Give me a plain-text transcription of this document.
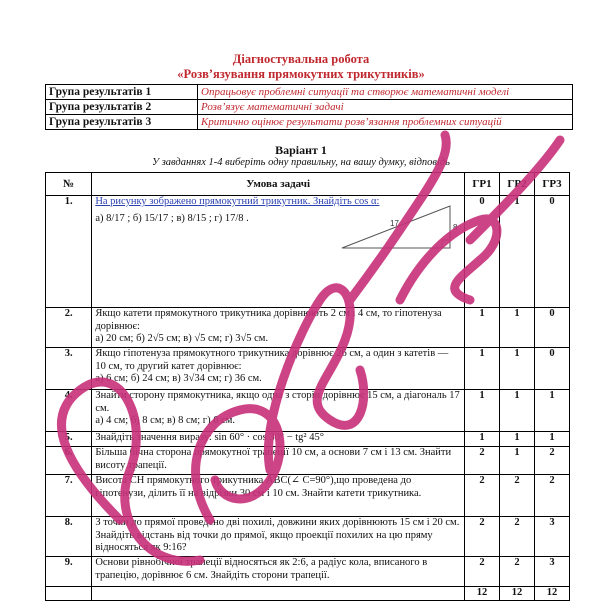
Діагностувальна робота
«Розв’язування прямокутних трикутників»
Група результатів 1	Опрацьовує проблемні ситуації та створює математичні моделі
Група результатів 2	Розв’язує математичні задачі
Група результатів 3	Критично оцінює результати розв’язання проблемних ситуацій
Варіант 1
У завданнях 1-4 виберіть одну правильну, на вашу думку, відповідь
№	Умова задачі	ГР1	ГР2	ГР3
1.	На рисунку зображено прямокутний трикутник. Знайдіть cos α:
а) 8/17 ; б) 15/17 ; в) 8/15 ; г) 17/8 . 17 8	0	1	0
2.	Якщо катети прямокутного трикутника дорівнюють 2 см і 4 см, то гіпотенуза дорівнює:
а) 20 см; б) 2√5 см; в) √5 см; г) 3√5 см.	1	1	0
3.	Якщо гіпотенуза прямокутного трикутника дорівнює 26 см, а один з катетів — 10 см, то другий катет дорівнює:
а) 6 см; б) 24 см; в) 3√34 см; г) 36 см.	1	1	0
4.	Знайти сторону прямокутника, якщо одна з сторін дорівнює 15 см, а діагональ 17 см.
а) 4 см; б) 8 см; в) 8 см; г) 6 см.	1	1	1
5.	Знайдіть значення виразу: sin 60° · cos 30° − tg² 45°	1	1	1
6.	Більша бічна сторона прямокутної трапеції 10 см, а основи 7 см і 13 см. Знайти висоту трапеції.	2	1	2
7.	Висота CH прямокутного трикутника ABC(∠ C=90°),що проведена до гіпотенузи, ділить її на відрізки 30 см і 10 см. Знайти катети трикутника.	2	2	2
8.	З точки до прямої проведено дві похилі, довжини яких дорівнюють 15 см і 20 см. Знайдіть відстань від точки до прямої, якщо проекції похилих на цю пряму відносяться як 9:16?	2	2	3
9.	Основи рівнобічної трапеції відносяться як 2:6, а радіус кола, вписаного в трапецію, дорівнює 6 см. Знайдіть сторони трапеції.	2	2	3
		12	12	12
